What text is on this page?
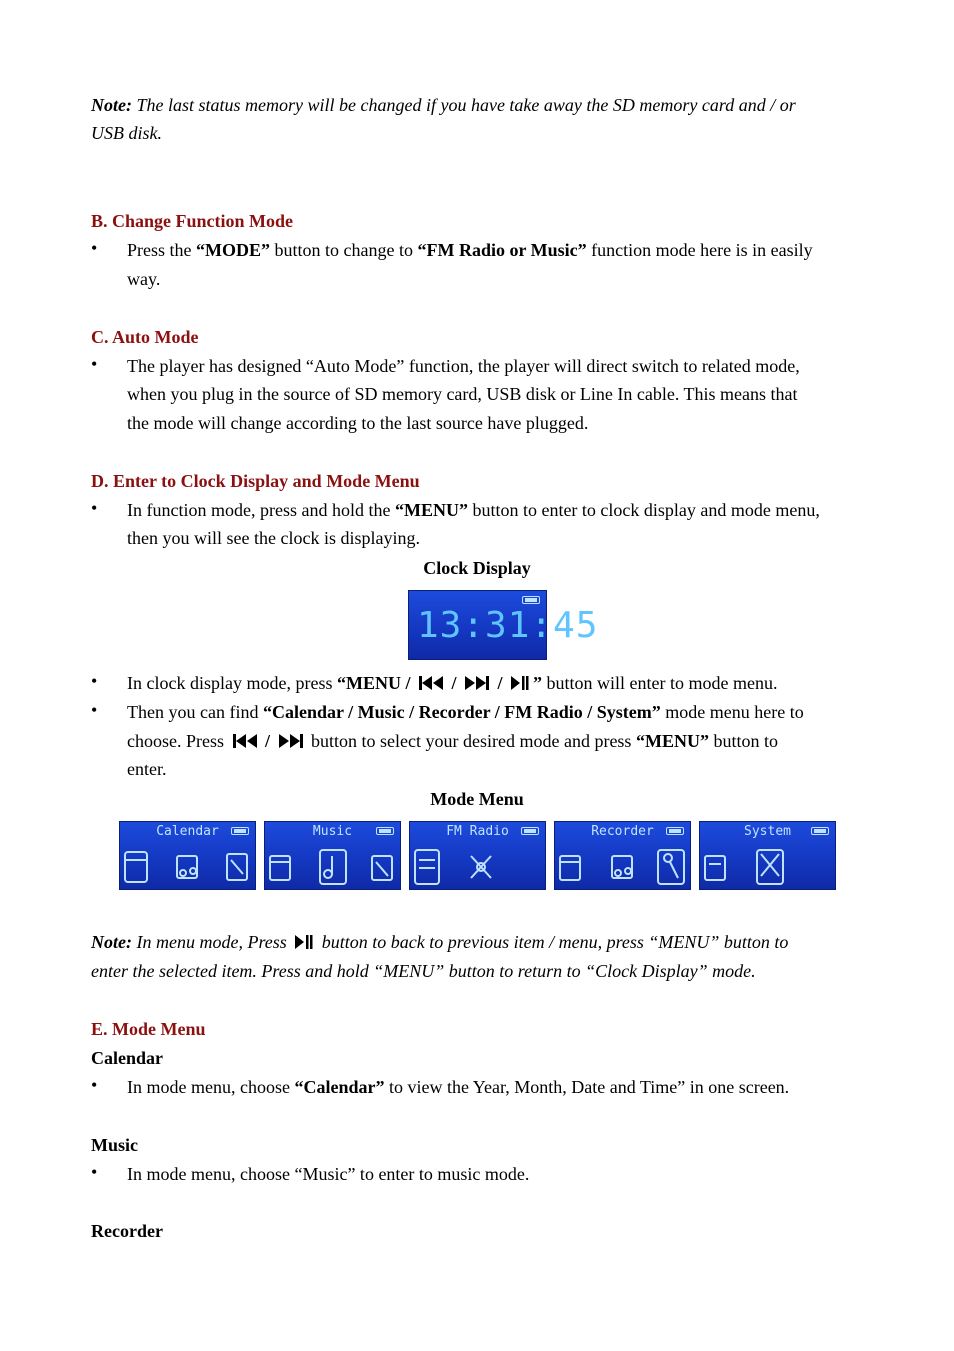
Note: The last status memory will be changed if you have take away the SD memory card and / or
USB disk.
B. Change Function Mode
• Press the “MODE” button to change to “FM Radio or Music” function mode here is in easily
way.
C. Auto Mode
• The player has designed “Auto Mode” function, the player will direct switch to related mode,
when you plug in the source of SD memory card, USB disk or Line In cable. This means that
the mode will change according to the last source have plugged.
D. Enter to Clock Display and Mode Menu
• In function mode, press and hold the “MENU” button to enter to clock display and mode menu,
then you will see the clock is displaying.
Clock Display
13:31:45
• In clock display mode, press “MENU /  /  / ” button will enter to mode menu.
• Then you can find “Calendar / Music / Recorder / FM Radio / System” mode menu here to
choose. Press  /  button to select your desired mode and press “MENU” button to
enter.
Mode Menu
Calendar	Music	FM Radio	Recorder	System
Note: In menu mode, Press  button to back to previous item / menu, press “MENU” button to
enter the selected item. Press and hold “MENU” button to return to “Clock Display” mode.
E. Mode Menu
Calendar
• In mode menu, choose “Calendar” to view the Year, Month, Date and Time” in one screen.
Music
• In mode menu, choose “Music” to enter to music mode.
Recorder
